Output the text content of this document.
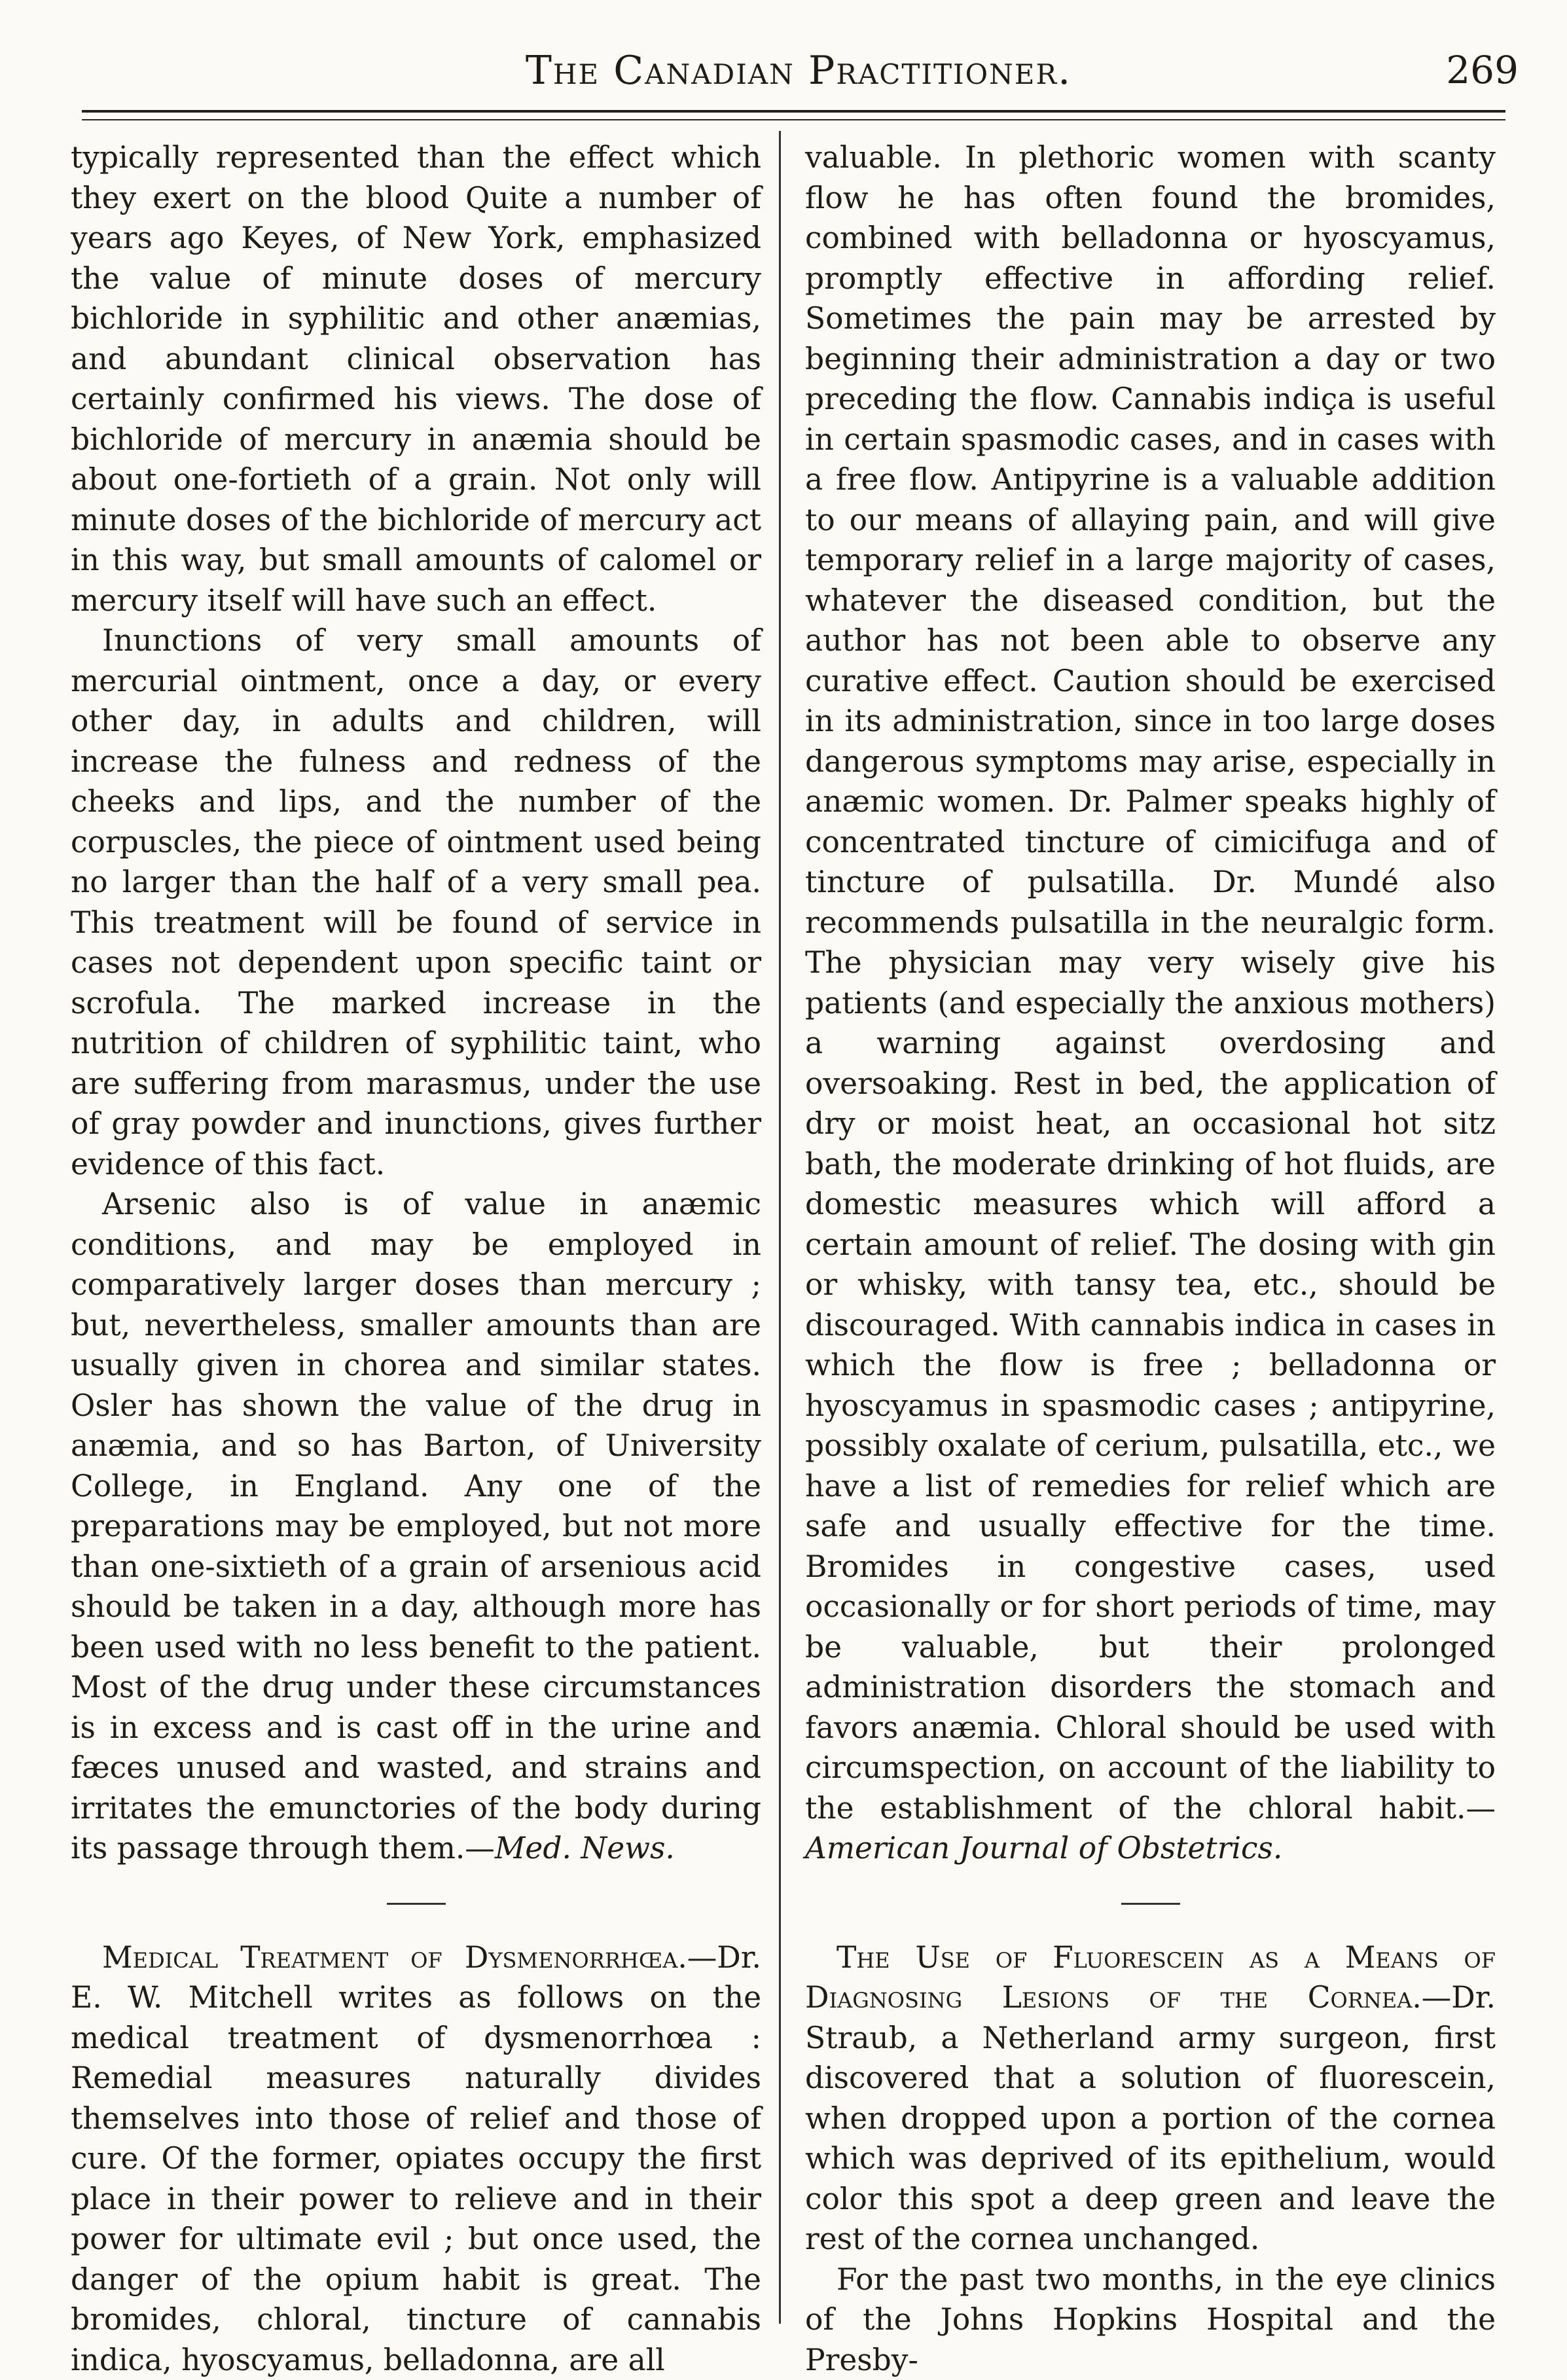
The Canadian Practitioner.	269

typically represented than the effect which they exert on the blood Quite a number of years ago Keyes, of New York, emphasized the value of minute doses of mercury bichloride in syphilitic and other anæmias, and abundant clinical observation has certainly confirmed his views. The dose of bichloride of mercury in anæmia should be about one-fortieth of a grain. Not only will minute doses of the bichloride of mercury act in this way, but small amounts of calomel or mercury itself will have such an effect.

Inunctions of very small amounts of mercurial ointment, once a day, or every other day, in adults and children, will increase the fulness and redness of the cheeks and lips, and the number of the corpuscles, the piece of ointment used being no larger than the half of a very small pea. This treatment will be found of service in cases not dependent upon specific taint or scrofula. The marked increase in the nutrition of children of syphilitic taint, who are suffering from marasmus, under the use of gray powder and inunctions, gives further evidence of this fact.

Arsenic also is of value in anæmic conditions, and may be employed in comparatively larger doses than mercury ; but, nevertheless, smaller amounts than are usually given in chorea and similar states. Osler has shown the value of the drug in anæmia, and so has Barton, of University College, in England. Any one of the preparations may be employed, but not more than one-sixtieth of a grain of arsenious acid should be taken in a day, although more has been used with no less benefit to the patient. Most of the drug under these circumstances is in excess and is cast off in the urine and fæces unused and wasted, and strains and irritates the emunctories of the body during its passage through them.—Med. News.

Medical Treatment of Dysmenorrhœa.—Dr. E. W. Mitchell writes as follows on the medical treatment of dysmenorrhœa : Remedial measures naturally divides themselves into those of relief and those of cure. Of the former, opiates occupy the first place in their power to relieve and in their power for ultimate evil ; but once used, the danger of the opium habit is great. The bromides, chloral, tincture of cannabis indica, hyoscyamus, belladonna, are all

valuable. In plethoric women with scanty flow he has often found the bromides, combined with belladonna or hyoscyamus, promptly effective in affording relief. Sometimes the pain may be arrested by beginning their administration a day or two preceding the flow. Cannabis indiça is useful in certain spasmodic cases, and in cases with a free flow. Antipyrine is a valuable addition to our means of allaying pain, and will give temporary relief in a large majority of cases, whatever the diseased condition, but the author has not been able to observe any curative effect. Caution should be exercised in its administration, since in too large doses dangerous symptoms may arise, especially in anæmic women. Dr. Palmer speaks highly of concentrated tincture of cimicifuga and of tincture of pulsatilla. Dr. Mundé also recommends pulsatilla in the neuralgic form. The physician may very wisely give his patients (and especially the anxious mothers) a warning against overdosing and oversoaking. Rest in bed, the application of dry or moist heat, an occasional hot sitz bath, the moderate drinking of hot fluids, are domestic measures which will afford a certain amount of relief. The dosing with gin or whisky, with tansy tea, etc., should be discouraged. With cannabis indica in cases in which the flow is free ; belladonna or hyoscyamus in spasmodic cases ; antipyrine, possibly oxalate of cerium, pulsatilla, etc., we have a list of remedies for relief which are safe and usually effective for the time. Bromides in congestive cases, used occasionally or for short periods of time, may be valuable, but their prolonged administration disorders the stomach and favors anæmia. Chloral should be used with circumspection, on account of the liability to the establishment of the chloral habit.—American Journal of Obstetrics.

The Use of Fluorescein as a Means of Diagnosing Lesions of the Cornea.—Dr. Straub, a Netherland army surgeon, first discovered that a solution of fluorescein, when dropped upon a portion of the cornea which was deprived of its epithelium, would color this spot a deep green and leave the rest of the cornea unchanged.

For the past two months, in the eye clinics of the Johns Hopkins Hospital and the Presby-
